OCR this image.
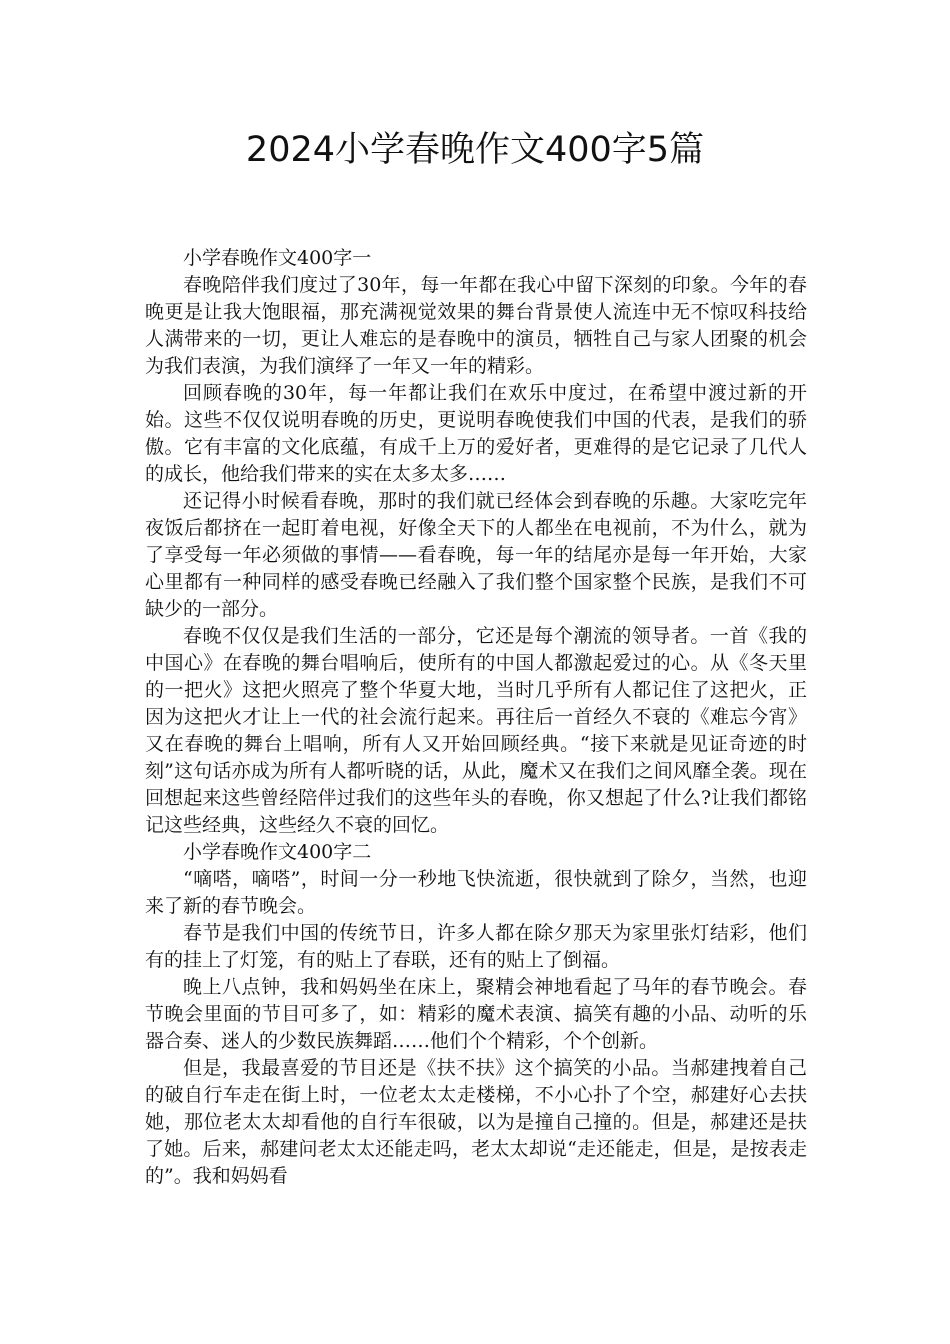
2024小学春晚作文400字5篇

小学春晚作文400字一

春晚陪伴我们度过了30年，每一年都在我心中留下深刻的印象。今年的春晚更是让我大饱眼福，那充满视觉效果的舞台背景使人流连中无不惊叹科技给人满带来的一切，更让人难忘的是春晚中的演员，牺牲自己与家人团聚的机会为我们表演，为我们演绎了一年又一年的精彩。

回顾春晚的30年，每一年都让我们在欢乐中度过，在希望中渡过新的开始。这些不仅仅说明春晚的历史，更说明春晚使我们中国的代表，是我们的骄傲。它有丰富的文化底蕴，有成千上万的爱好者，更难得的是它记录了几代人的成长，他给我们带来的实在太多太多……

还记得小时候看春晚，那时的我们就已经体会到春晚的乐趣。大家吃完年夜饭后都挤在一起盯着电视，好像全天下的人都坐在电视前，不为什么，就为了享受每一年必须做的事情——看春晚，每一年的结尾亦是每一年开始，大家心里都有一种同样的感受春晚已经融入了我们整个国家整个民族，是我们不可缺少的一部分。

春晚不仅仅是我们生活的一部分，它还是每个潮流的领导者。一首《我的中国心》在春晚的舞台唱响后，使所有的中国人都激起爱过的心。从《冬天里的一把火》这把火照亮了整个华夏大地，当时几乎所有人都记住了这把火，正因为这把火才让上一代的社会流行起来。再往后一首经久不衰的《难忘今宵》又在春晚的舞台上唱响，所有人又开始回顾经典。“接下来就是见证奇迹的时刻”这句话亦成为所有人都听晓的话，从此，魔术又在我们之间风靡全袭。现在回想起来这些曾经陪伴过我们的这些年头的春晚，你又想起了什么?让我们都铭记这些经典，这些经久不衰的回忆。

小学春晚作文400字二

“嘀嗒，嘀嗒”，时间一分一秒地飞快流逝，很快就到了除夕，当然，也迎来了新的春节晚会。

春节是我们中国的传统节日，许多人都在除夕那天为家里张灯结彩，他们有的挂上了灯笼，有的贴上了春联，还有的贴上了倒福。

晚上八点钟，我和妈妈坐在床上，聚精会神地看起了马年的春节晚会。春节晚会里面的节目可多了，如：精彩的魔术表演、搞笑有趣的小品、动听的乐器合奏、迷人的少数民族舞蹈……他们个个精彩，个个创新。

但是，我最喜爱的节目还是《扶不扶》这个搞笑的小品。当郝建拽着自己的破自行车走在街上时，一位老太太走楼梯，不小心扑了个空，郝建好心去扶她，那位老太太却看他的自行车很破，以为是撞自己撞的。但是，郝建还是扶了她。后来，郝建问老太太还能走吗，老太太却说“走还能走，但是，是按表走的”。我和妈妈看
